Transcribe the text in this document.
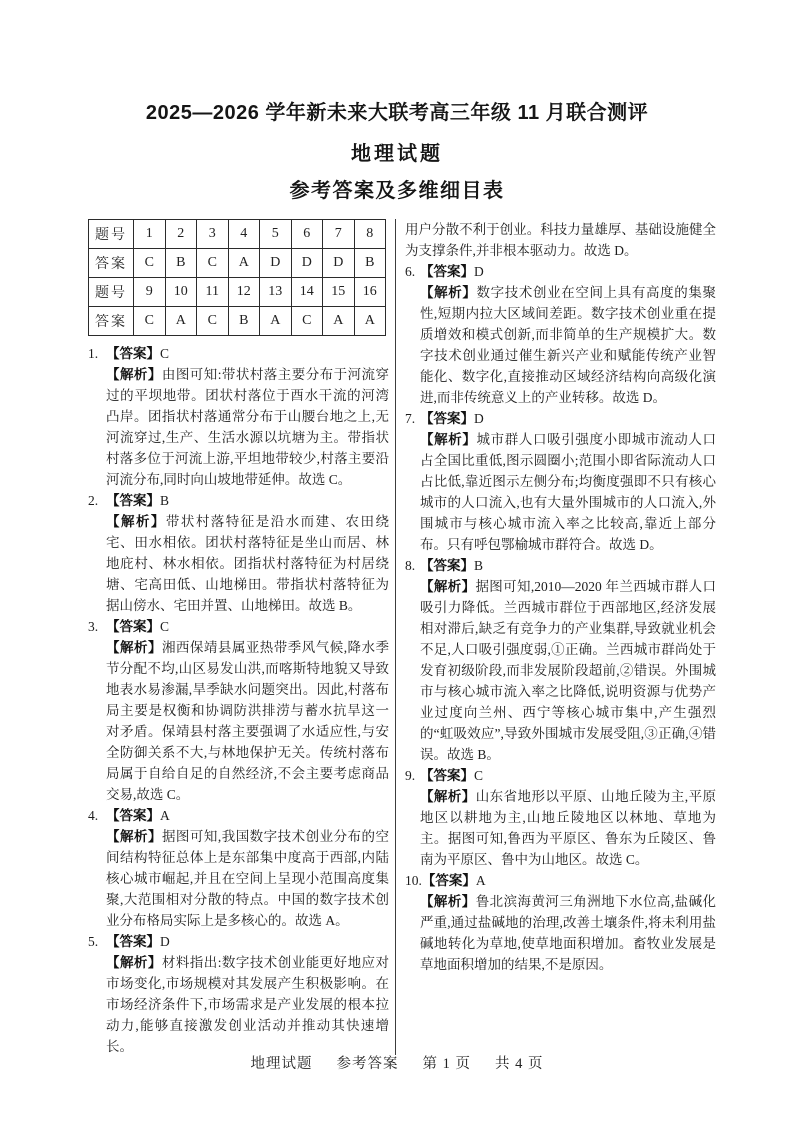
2025—2026 学年新未来大联考高三年级 11 月联合测评
地理试题
参考答案及多维细目表
题号	1	2	3	4	5	6	7	8
答案	C	B	C	A	D	D	D	B
题号	9	10	11	12	13	14	15	16
答案	C	A	C	B	A	C	A	A
1. 【答案】C
【解析】由图可知:带状村落主要分布于河流穿过的平坝地带。团状村落位于酉水干流的河湾凸岸。团指状村落通常分布于山腰台地之上,无河流穿过,生产、生活水源以坑塘为主。带指状村落多位于河流上游,平坦地带较少,村落主要沿河流分布,同时向山坡地带延伸。故选 C。
2. 【答案】B
【解析】带状村落特征是沿水而建、农田绕宅、田水相依。团状村落特征是坐山而居、林地庇村、林水相依。团指状村落特征为村居绕塘、宅高田低、山地梯田。带指状村落特征为据山傍水、宅田并置、山地梯田。故选 B。
3. 【答案】C
【解析】湘西保靖县属亚热带季风气候,降水季节分配不均,山区易发山洪,而喀斯特地貌又导致地表水易渗漏,旱季缺水问题突出。因此,村落布局主要是权衡和协调防洪排涝与蓄水抗旱这一对矛盾。保靖县村落主要强调了水适应性,与安全防御关系不大,与林地保护无关。传统村落布局属于自给自足的自然经济,不会主要考虑商品交易,故选 C。
4. 【答案】A
【解析】据图可知,我国数字技术创业分布的空间结构特征总体上是东部集中度高于西部,内陆核心城市崛起,并且在空间上呈现小范围高度集聚,大范围相对分散的特点。中国的数字技术创业分布格局实际上是多核心的。故选 A。
5. 【答案】D
【解析】材料指出:数字技术创业能更好地应对市场变化,市场规模对其发展产生积极影响。在市场经济条件下,市场需求是产业发展的根本拉动力,能够直接激发创业活动并推动其快速增长。
用户分散不利于创业。科技力量雄厚、基础设施健全为支撑条件,并非根本驱动力。故选 D。
6. 【答案】D
【解析】数字技术创业在空间上具有高度的集聚性,短期内拉大区域间差距。数字技术创业重在提质增效和模式创新,而非简单的生产规模扩大。数字技术创业通过催生新兴产业和赋能传统产业智能化、数字化,直接推动区域经济结构向高级化演进,而非传统意义上的产业转移。故选 D。
7. 【答案】D
【解析】城市群人口吸引强度小即城市流动人口占全国比重低,图示圆圈小;范围小即省际流动人口占比低,靠近图示左侧分布;均衡度强即不只有核心城市的人口流入,也有大量外围城市的人口流入,外围城市与核心城市流入率之比较高,靠近上部分布。只有呼包鄂榆城市群符合。故选 D。
8. 【答案】B
【解析】据图可知,2010—2020 年兰西城市群人口吸引力降低。兰西城市群位于西部地区,经济发展相对滞后,缺乏有竞争力的产业集群,导致就业机会不足,人口吸引强度弱,①正确。兰西城市群尚处于发育初级阶段,而非发展阶段超前,②错误。外围城市与核心城市流入率之比降低,说明资源与优势产业过度向兰州、西宁等核心城市集中,产生强烈的“虹吸效应”,导致外围城市发展受阻,③正确,④错误。故选 B。
9. 【答案】C
【解析】山东省地形以平原、山地丘陵为主,平原地区以耕地为主,山地丘陵地区以林地、草地为主。据图可知,鲁西为平原区、鲁东为丘陵区、鲁南为平原区、鲁中为山地区。故选 C。
10.【答案】A
【解析】鲁北滨海黄河三角洲地下水位高,盐碱化严重,通过盐碱地的治理,改善土壤条件,将未利用盐碱地转化为草地,使草地面积增加。畜牧业发展是草地面积增加的结果,不是原因。
地理试题 参考答案 第 1 页 共 4 页
